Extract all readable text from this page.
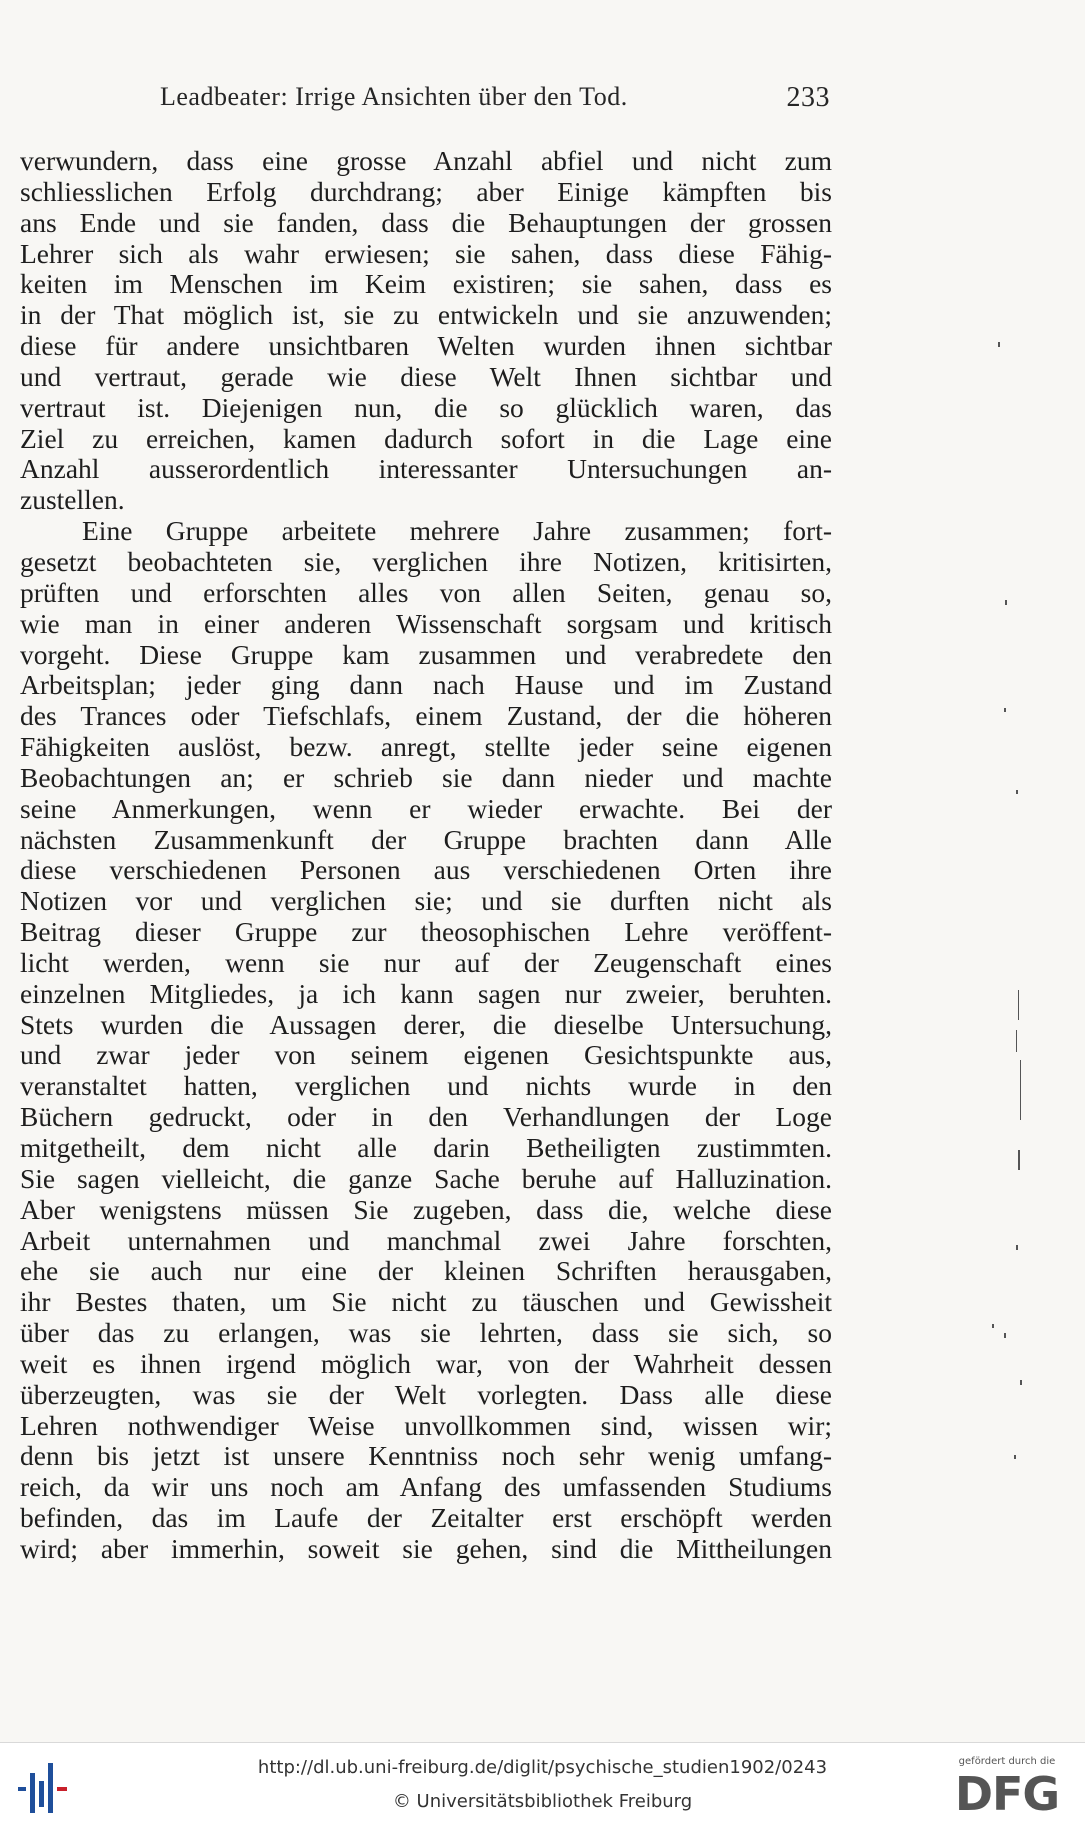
Leadbeater: Irrige Ansichten über den Tod.	233
verwundern, dass eine grosse Anzahl abfiel und nicht zum
schliesslichen Erfolg durchdrang; aber Einige kämpften bis
ans Ende und sie fanden, dass die Behauptungen der grossen
Lehrer sich als wahr erwiesen; sie sahen, dass diese Fähig-
keiten im Menschen im Keim existiren; sie sahen, dass es
in der That möglich ist, sie zu entwickeln und sie anzuwenden;
diese für andere unsichtbaren Welten wurden ihnen sichtbar
und vertraut, gerade wie diese Welt Ihnen sichtbar und
vertraut ist. Diejenigen nun, die so glücklich waren, das
Ziel zu erreichen, kamen dadurch sofort in die Lage eine
Anzahl ausserordentlich interessanter Untersuchungen an-
zustellen.
Eine Gruppe arbeitete mehrere Jahre zusammen; fort-
gesetzt beobachteten sie, verglichen ihre Notizen, kritisirten,
prüften und erforschten alles von allen Seiten, genau so,
wie man in einer anderen Wissenschaft sorgsam und kritisch
vorgeht. Diese Gruppe kam zusammen und verabredete den
Arbeitsplan; jeder ging dann nach Hause und im Zustand
des Trances oder Tiefschlafs, einem Zustand, der die höheren
Fähigkeiten auslöst, bezw. anregt, stellte jeder seine eigenen
Beobachtungen an; er schrieb sie dann nieder und machte
seine Anmerkungen, wenn er wieder erwachte. Bei der
nächsten Zusammenkunft der Gruppe brachten dann Alle
diese verschiedenen Personen aus verschiedenen Orten ihre
Notizen vor und verglichen sie; und sie durften nicht als
Beitrag dieser Gruppe zur theosophischen Lehre veröffent-
licht werden, wenn sie nur auf der Zeugenschaft eines
einzelnen Mitgliedes, ja ich kann sagen nur zweier, beruhten.
Stets wurden die Aussagen derer, die dieselbe Untersuchung,
und zwar jeder von seinem eigenen Gesichtspunkte aus,
veranstaltet hatten, verglichen und nichts wurde in den
Büchern gedruckt, oder in den Verhandlungen der Loge
mitgetheilt, dem nicht alle darin Betheiligten zustimmten.
Sie sagen vielleicht, die ganze Sache beruhe auf Halluzination.
Aber wenigstens müssen Sie zugeben, dass die, welche diese
Arbeit unternahmen und manchmal zwei Jahre forschten,
ehe sie auch nur eine der kleinen Schriften herausgaben,
ihr Bestes thaten, um Sie nicht zu täuschen und Gewissheit
über das zu erlangen, was sie lehrten, dass sie sich, so
weit es ihnen irgend möglich war, von der Wahrheit dessen
überzeugten, was sie der Welt vorlegten. Dass alle diese
Lehren nothwendiger Weise unvollkommen sind, wissen wir;
denn bis jetzt ist unsere Kenntniss noch sehr wenig umfang-
reich, da wir uns noch am Anfang des umfassenden Studiums
befinden, das im Laufe der Zeitalter erst erschöpft werden
wird; aber immerhin, soweit sie gehen, sind die Mittheilungen
http://dl.ub.uni-freiburg.de/diglit/psychische_studien1902/0243
© Universitätsbibliothek Freiburg
gefördert durch die
DFG
